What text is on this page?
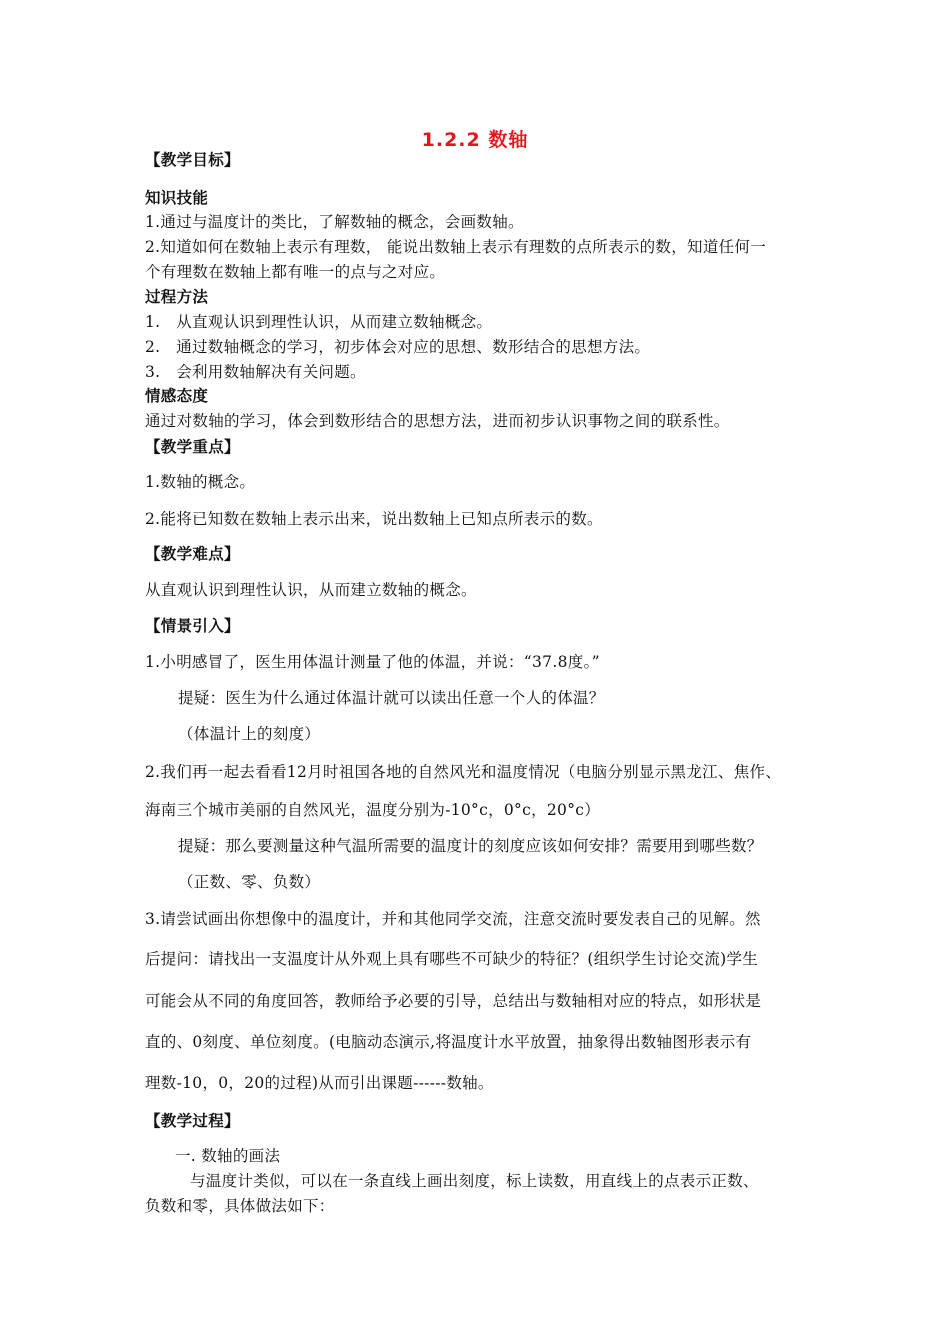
1.2.2 数轴
【教学目标】
知识技能
1.通过与温度计的类比，了解数轴的概念，会画数轴。
2.知道如何在数轴上表示有理数， 能说出数轴上表示有理数的点所表示的数，知道任何一
个有理数在数轴上都有唯一的点与之对应。
过程方法
1.　从直观认识到理性认识，从而建立数轴概念。
2.　通过数轴概念的学习，初步体会对应的思想、数形结合的思想方法。
3.　会利用数轴解决有关问题。
情感态度
通过对数轴的学习，体会到数形结合的思想方法，进而初步认识事物之间的联系性。
【教学重点】
1.数轴的概念。
2.能将已知数在数轴上表示出来，说出数轴上已知点所表示的数。
【教学难点】
从直观认识到理性认识，从而建立数轴的概念。
【情景引入】
1.小明感冒了，医生用体温计测量了他的体温，并说：“37.8度。”
提疑：医生为什么通过体温计就可以读出任意一个人的体温？
（体温计上的刻度）
2.我们再一起去看看12月时祖国各地的自然风光和温度情况（电脑分别显示黑龙江、焦作、
海南三个城市美丽的自然风光，温度分别为-10°c，0°c，20°c）
提疑：那么要测量这种气温所需要的温度计的刻度应该如何安排？需要用到哪些数？
（正数、零、负数）
3.请尝试画出你想像中的温度计，并和其他同学交流，注意交流时要发表自己的见解。然
后提问：请找出一支温度计从外观上具有哪些不可缺少的特征？(组织学生讨论交流)学生
可能会从不同的角度回答，教师给予必要的引导，总结出与数轴相对应的特点，如形状是
直的、0刻度、单位刻度。(电脑动态演示,将温度计水平放置，抽象得出数轴图形表示有
理数-10，0，20的过程)从而引出课题------数轴。
【教学过程】
一. 数轴的画法
与温度计类似，可以在一条直线上画出刻度，标上读数，用直线上的点表示正数、
负数和零，具体做法如下：
